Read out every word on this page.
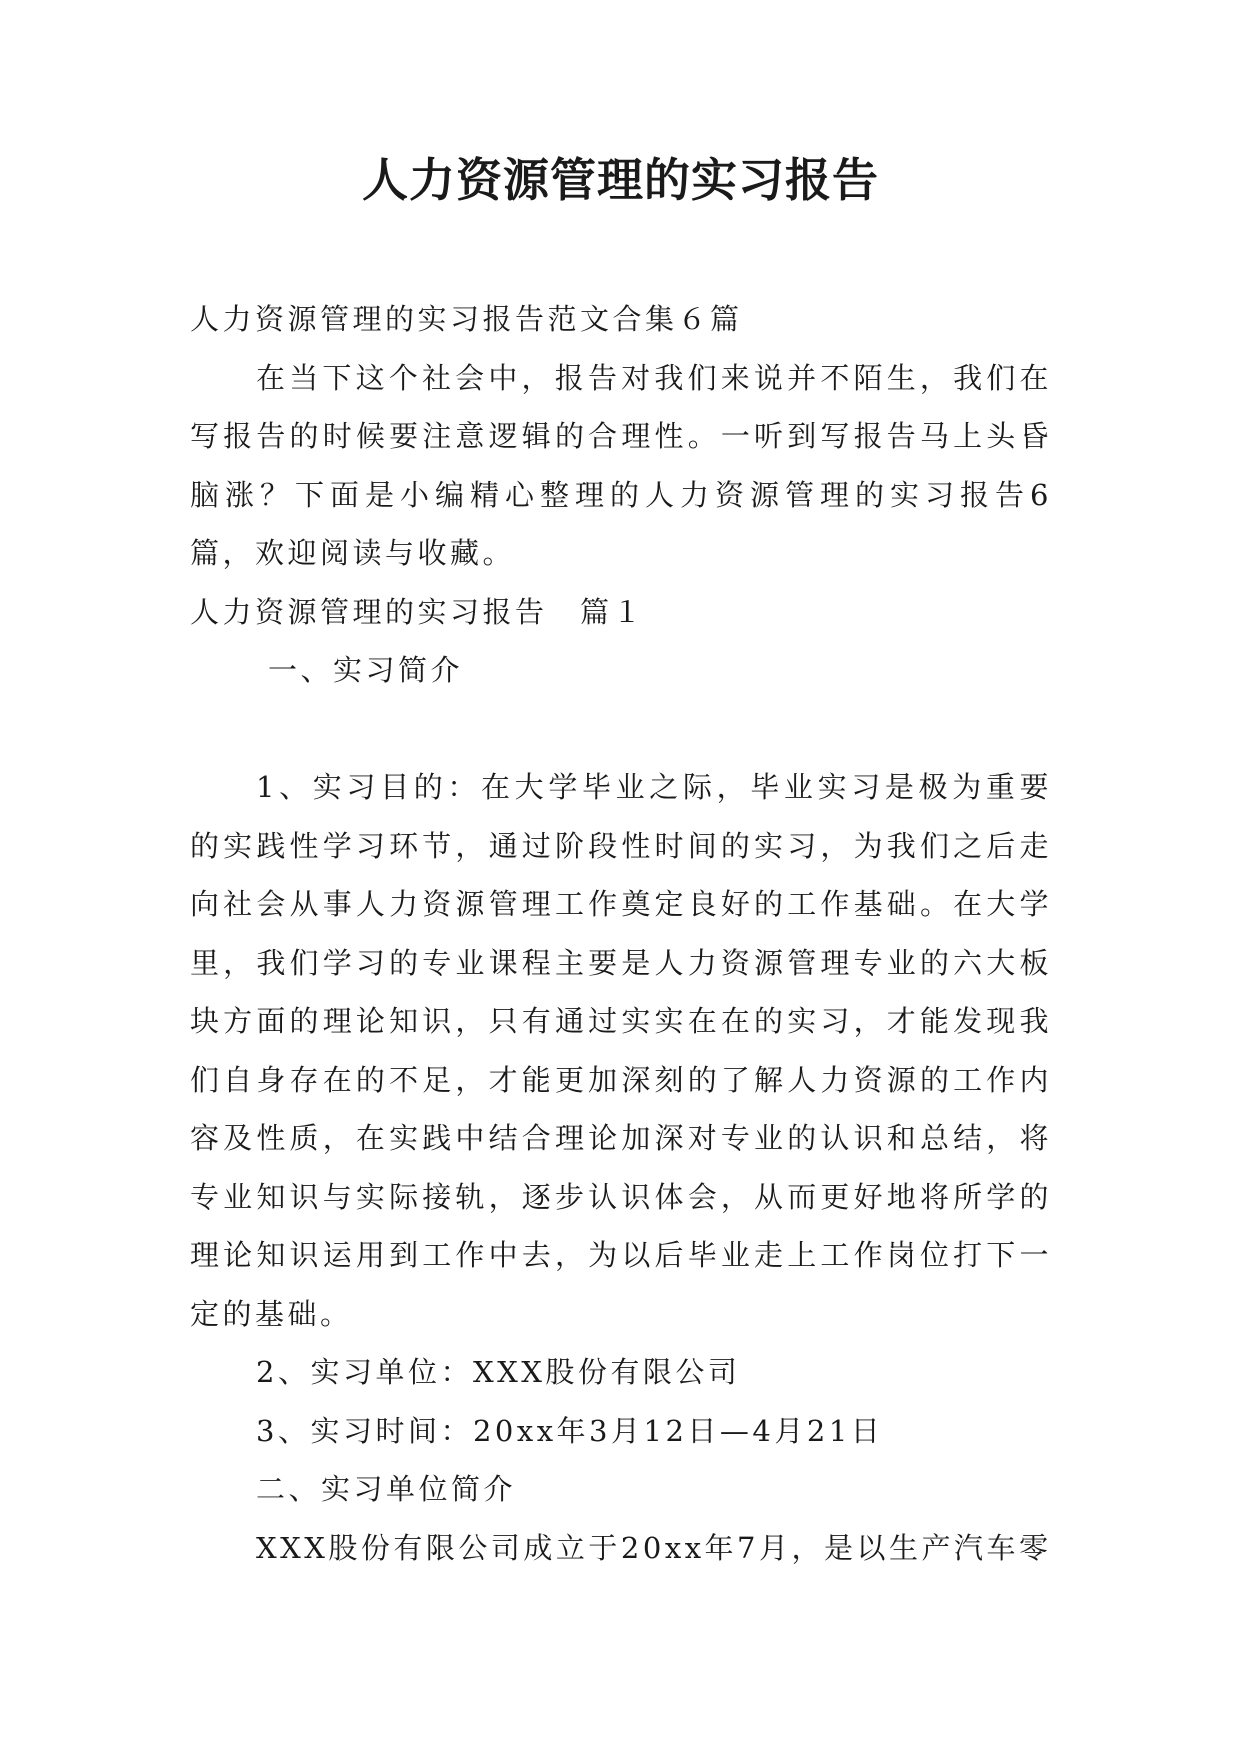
人力资源管理的实习报告

人力资源管理的实习报告范文合集６篇

在当下这个社会中，报告对我们来说并不陌生，我们在写报告的时候要注意逻辑的合理性。一听到写报告马上头昏脑涨？下面是小编精心整理的人力资源管理的实习报告6篇，欢迎阅读与收藏。

人力资源管理的实习报告　篇１

一、实习简介

1、实习目的：在大学毕业之际，毕业实习是极为重要的实践性学习环节，通过阶段性时间的实习，为我们之后走向社会从事人力资源管理工作奠定良好的工作基础。在大学里，我们学习的专业课程主要是人力资源管理专业的六大板块方面的理论知识，只有通过实实在在的实习，才能发现我们自身存在的不足，才能更加深刻的了解人力资源的工作内容及性质，在实践中结合理论加深对专业的认识和总结，将专业知识与实际接轨，逐步认识体会，从而更好地将所学的理论知识运用到工作中去，为以后毕业走上工作岗位打下一定的基础。

2、实习单位：XXX股份有限公司

3、实习时间：20xx年3月12日—4月21日

二、实习单位简介

XXX股份有限公司成立于20xx年7月，是以生产汽车零
